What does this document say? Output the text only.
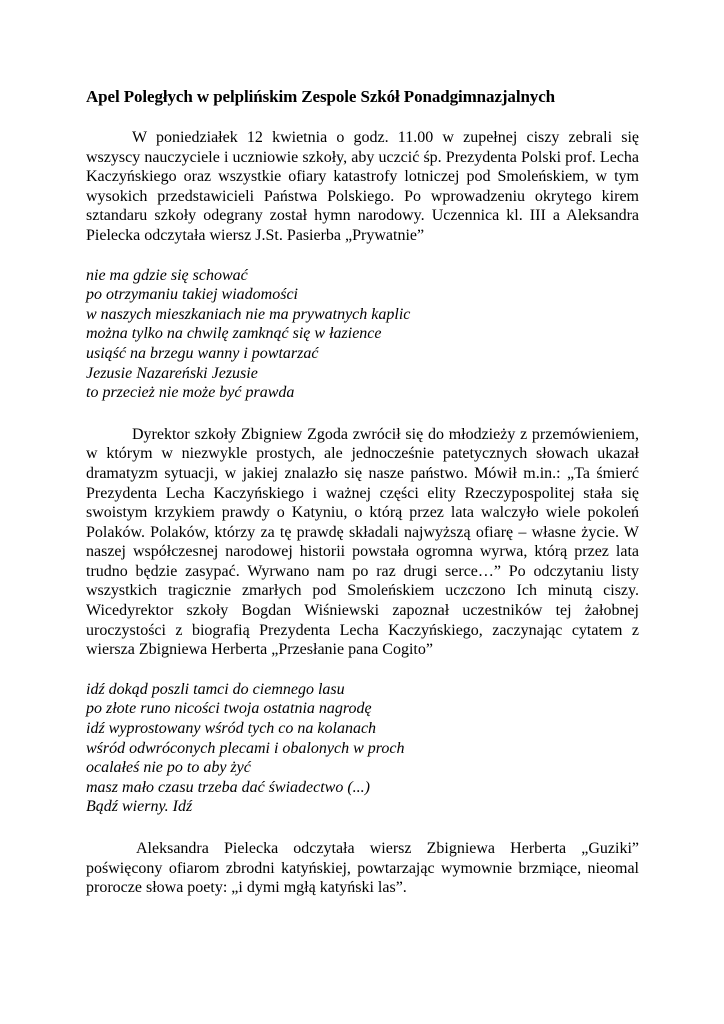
Apel Poległych w pelplińskim Zespole Szkół Ponadgimnazjalnych

W poniedziałek 12 kwietnia o godz. 11.00 w zupełnej ciszy zebrali się wszyscy nauczyciele i uczniowie szkoły, aby uczcić śp. Prezydenta Polski prof. Lecha Kaczyńskiego oraz wszystkie ofiary katastrofy lotniczej pod Smoleńskiem, w tym wysokich przedstawicieli Państwa Polskiego. Po wprowadzeniu okrytego kirem sztandaru szkoły odegrany został hymn narodowy. Uczennica kl. III a Aleksandra Pielecka odczytała wiersz J.St. Pasierba „Prywatnie”

nie ma gdzie się schować
po otrzymaniu takiej wiadomości
w naszych mieszkaniach nie ma prywatnych kaplic
można tylko na chwilę zamknąć się w łazience
usiąść na brzegu wanny i powtarzać
Jezusie Nazareński Jezusie
to przecież nie może być prawda

Dyrektor szkoły Zbigniew Zgoda zwrócił się do młodzieży z przemówieniem, w którym w niezwykle prostych, ale jednocześnie patetycznych słowach ukazał dramatyzm sytuacji, w jakiej znalazło się nasze państwo. Mówił m.in.: „Ta śmierć Prezydenta Lecha Kaczyńskiego i ważnej części elity Rzeczypospolitej stała się swoistym krzykiem prawdy o Katyniu, o którą przez lata walczyło wiele pokoleń Polaków. Polaków, którzy za tę prawdę składali najwyższą ofiarę – własne życie. W naszej współczesnej narodowej historii powstała ogromna wyrwa, którą przez lata trudno będzie zasypać. Wyrwano nam po raz drugi serce…” Po odczytaniu listy wszystkich tragicznie zmarłych pod Smoleńskiem uczczono Ich minutą ciszy. Wicedyrektor szkoły Bogdan Wiśniewski zapoznał uczestników tej żałobnej uroczystości z biografią Prezydenta Lecha Kaczyńskiego, zaczynając cytatem z wiersza Zbigniewa Herberta „Przesłanie pana Cogito”

idź dokąd poszli tamci do ciemnego lasu
po złote runo nicości twoja ostatnia nagrodę
idź wyprostowany wśród tych co na kolanach
wśród odwróconych plecami i obalonych w proch
ocalałeś nie po to aby żyć
masz mało czasu trzeba dać świadectwo (...)
Bądź wierny. Idź

Aleksandra Pielecka odczytała wiersz Zbigniewa Herberta „Guziki” poświęcony ofiarom zbrodni katyńskiej, powtarzając wymownie brzmiące, nieomal proroczе słowa poety: „i dymi mgłą katyński las”.
